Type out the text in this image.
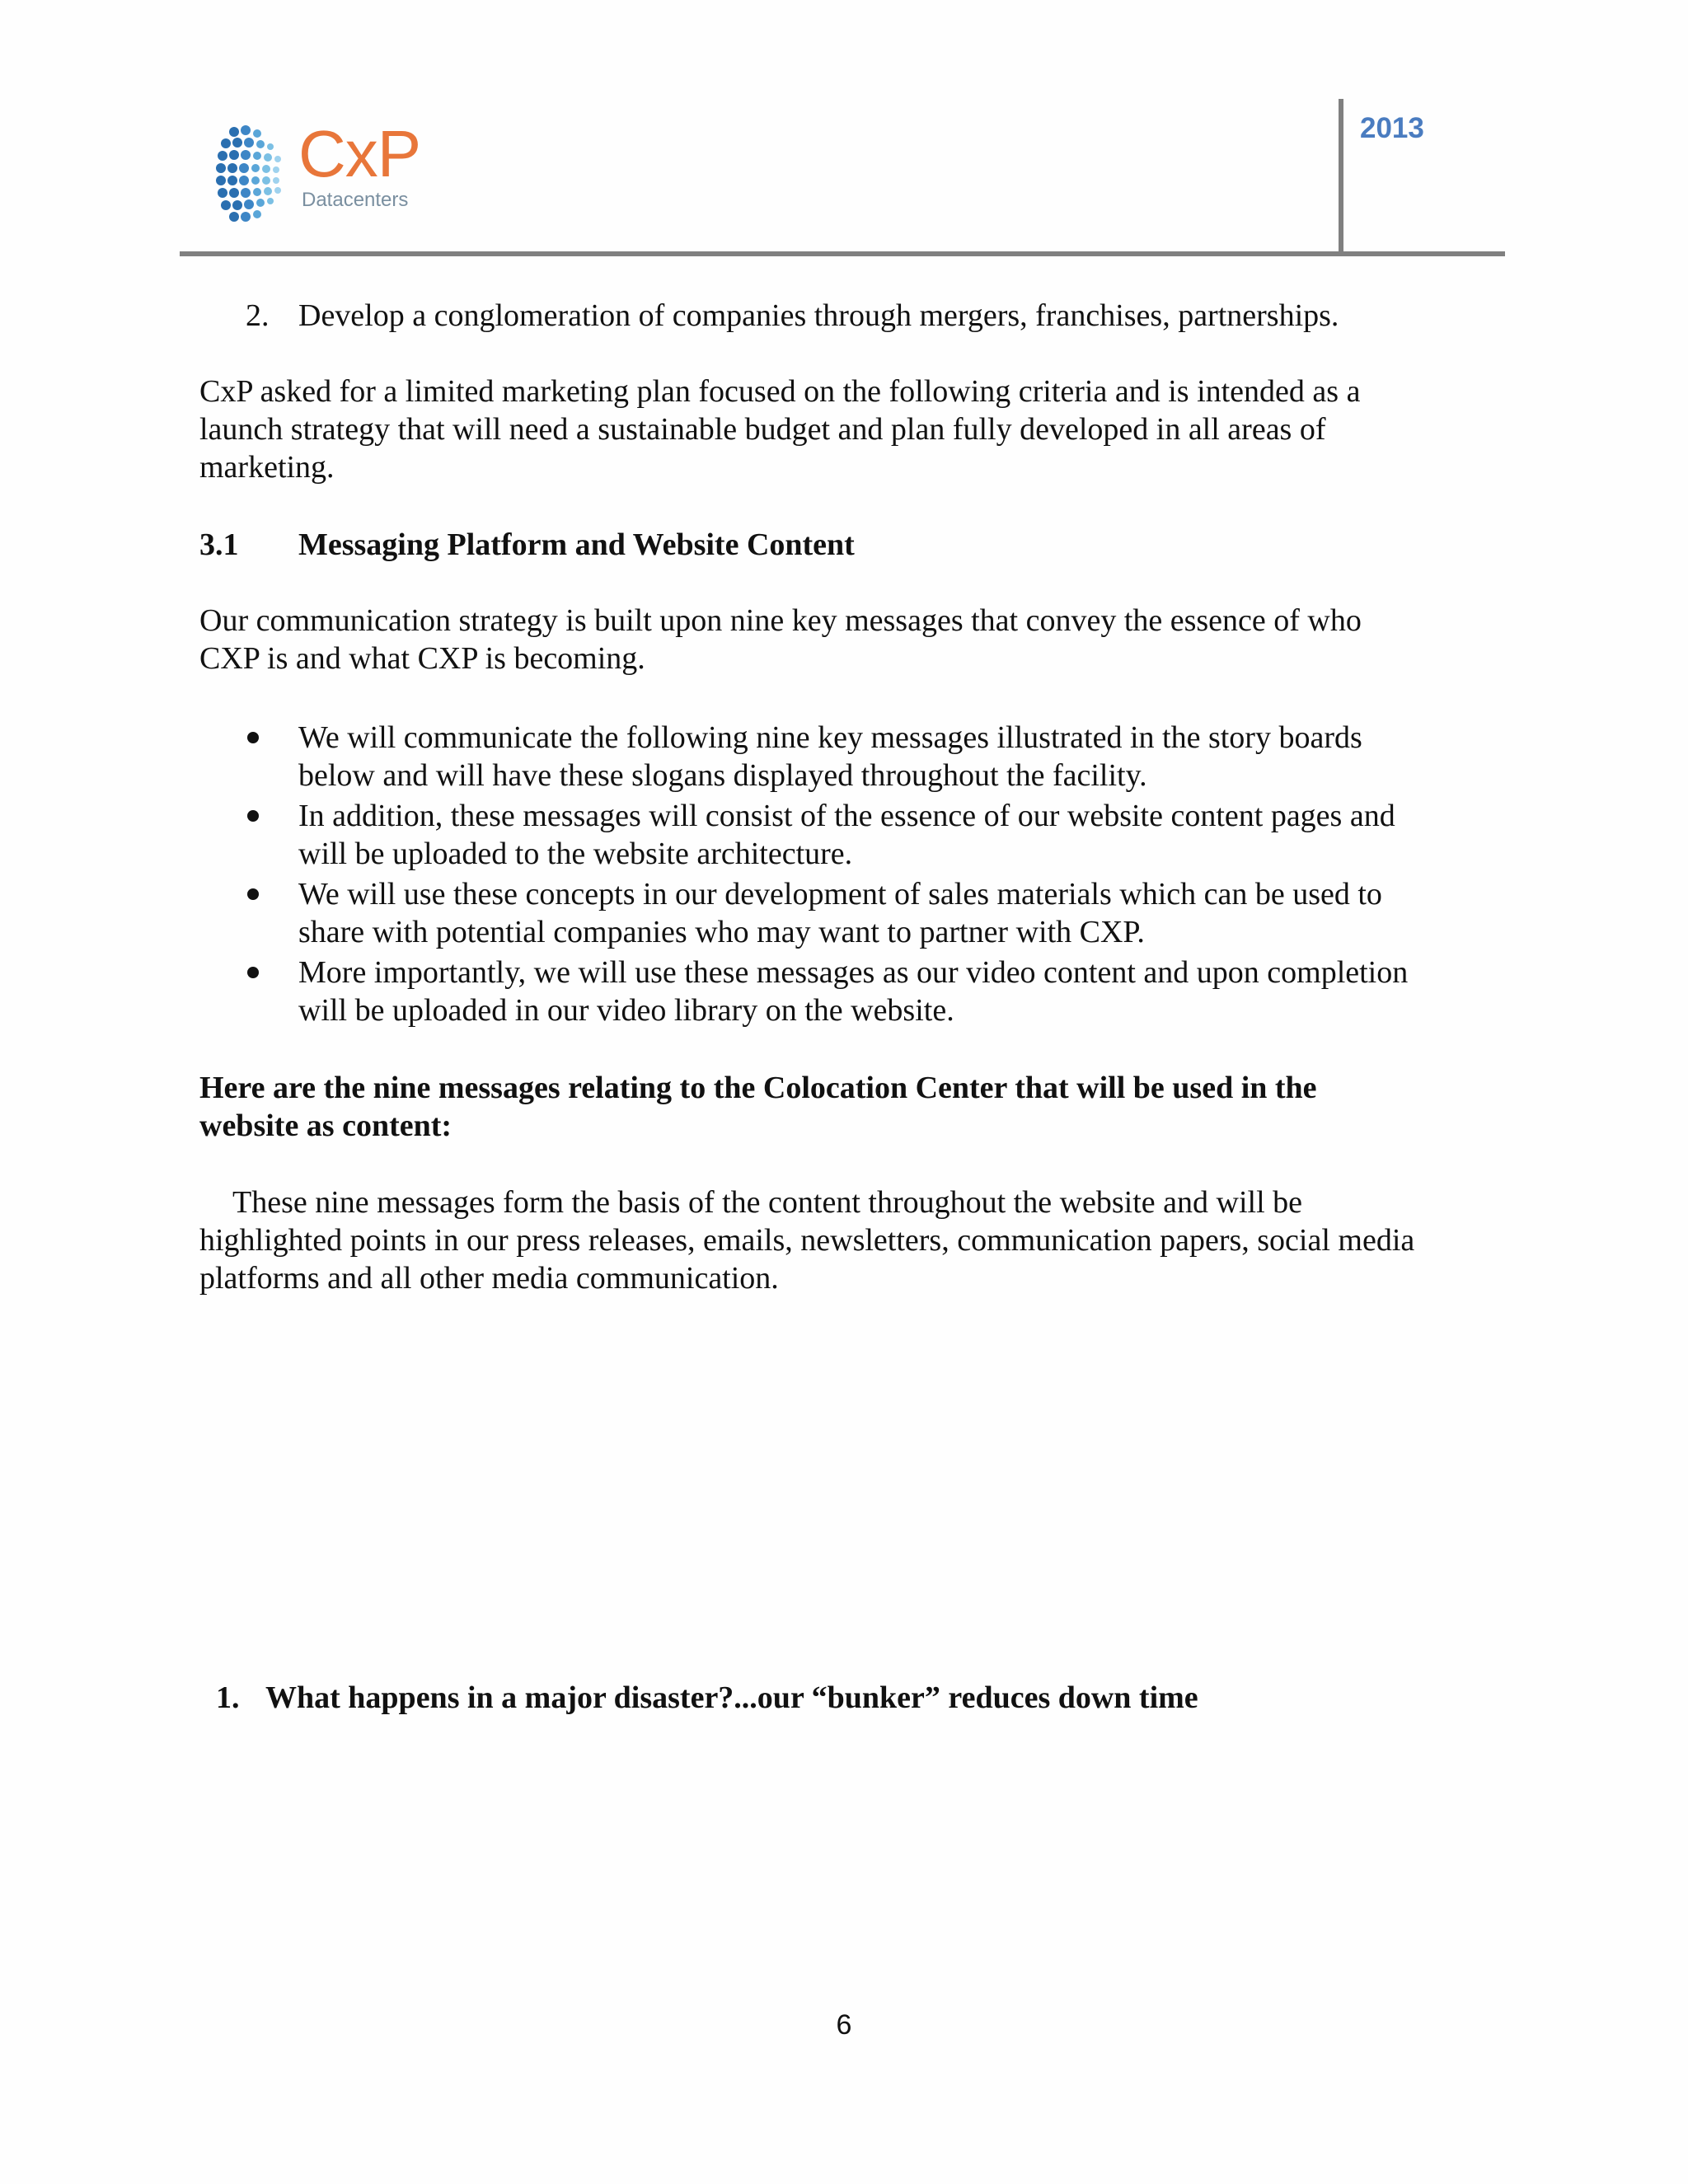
CxP
Datacenters
2013
2. Develop a conglomeration of companies through mergers, franchises, partnerships.
CxP asked for a limited marketing plan focused on the following criteria and is intended as a
launch strategy that will need a sustainable budget and plan fully developed in all areas of
marketing.
3.1 Messaging Platform and Website Content
Our communication strategy is built upon nine key messages that convey the essence of who
CXP is and what CXP is becoming.
We will communicate the following nine key messages illustrated in the story boards
below and will have these slogans displayed throughout the facility.
In addition, these messages will consist of the essence of our website content pages and
will be uploaded to the website architecture.
We will use these concepts in our development of sales materials which can be used to
share with potential companies who may want to partner with CXP.
More importantly, we will use these messages as our video content and upon completion
will be uploaded in our video library on the website.
Here are the nine messages relating to the Colocation Center that will be used in the
website as content:
These nine messages form the basis of the content throughout the website and will be
highlighted points in our press releases, emails, newsletters, communication papers, social media
platforms and all other media communication.
1. What happens in a major disaster?...our “bunker” reduces down time
6
